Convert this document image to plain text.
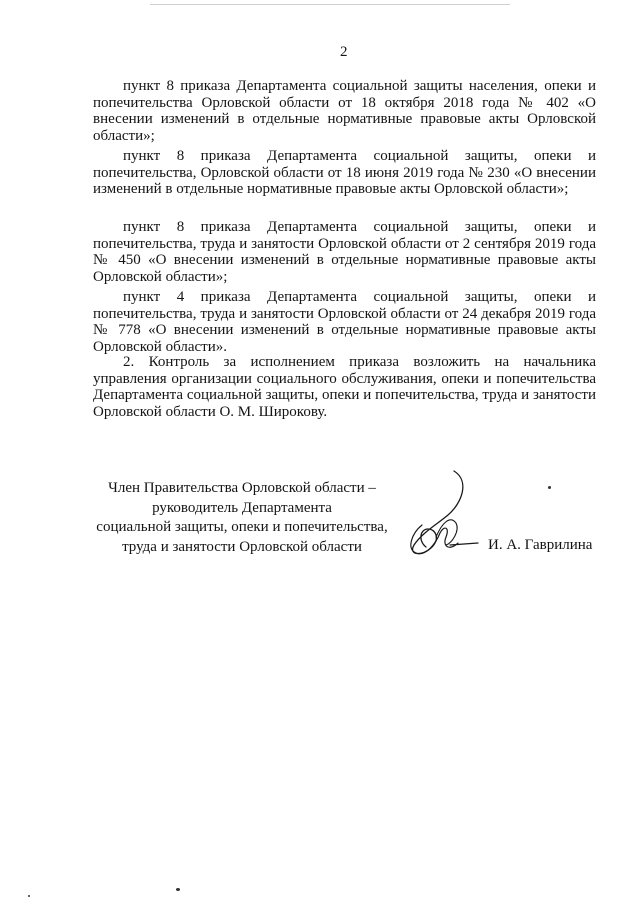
2

пункт 8 приказа Департамента социальной защиты населения, опеки и попечительства Орловской области от 18 октября 2018 года № 402 «О внесении изменений в отдельные нормативные правовые акты Орловской области»;

пункт 8 приказа Департамента социальной защиты, опеки и попечительства, Орловской области от 18 июня 2019 года № 230 «О внесении изменений в отдельные нормативные правовые акты Орловской области»;

пункт 8 приказа Департамента социальной защиты, опеки и попечительства, труда и занятости Орловской области от 2 сентября 2019 года № 450 «О внесении изменений в отдельные нормативные правовые акты Орловской области»;

пункт 4 приказа Департамента социальной защиты, опеки и попечительства, труда и занятости Орловской области от 24 декабря 2019 года № 778 «О внесении изменений в отдельные нормативные правовые акты Орловской области».

2. Контроль за исполнением приказа возложить на начальника управления организации социального обслуживания, опеки и попечительства Департамента социальной защиты, опеки и попечительства, труда и занятости Орловской области О. М. Широкову.

Член Правительства Орловской области –
руководитель Департамента
социальной защиты, опеки и попечительства,
труда и занятости Орловской области	И. А. Гаврилина
